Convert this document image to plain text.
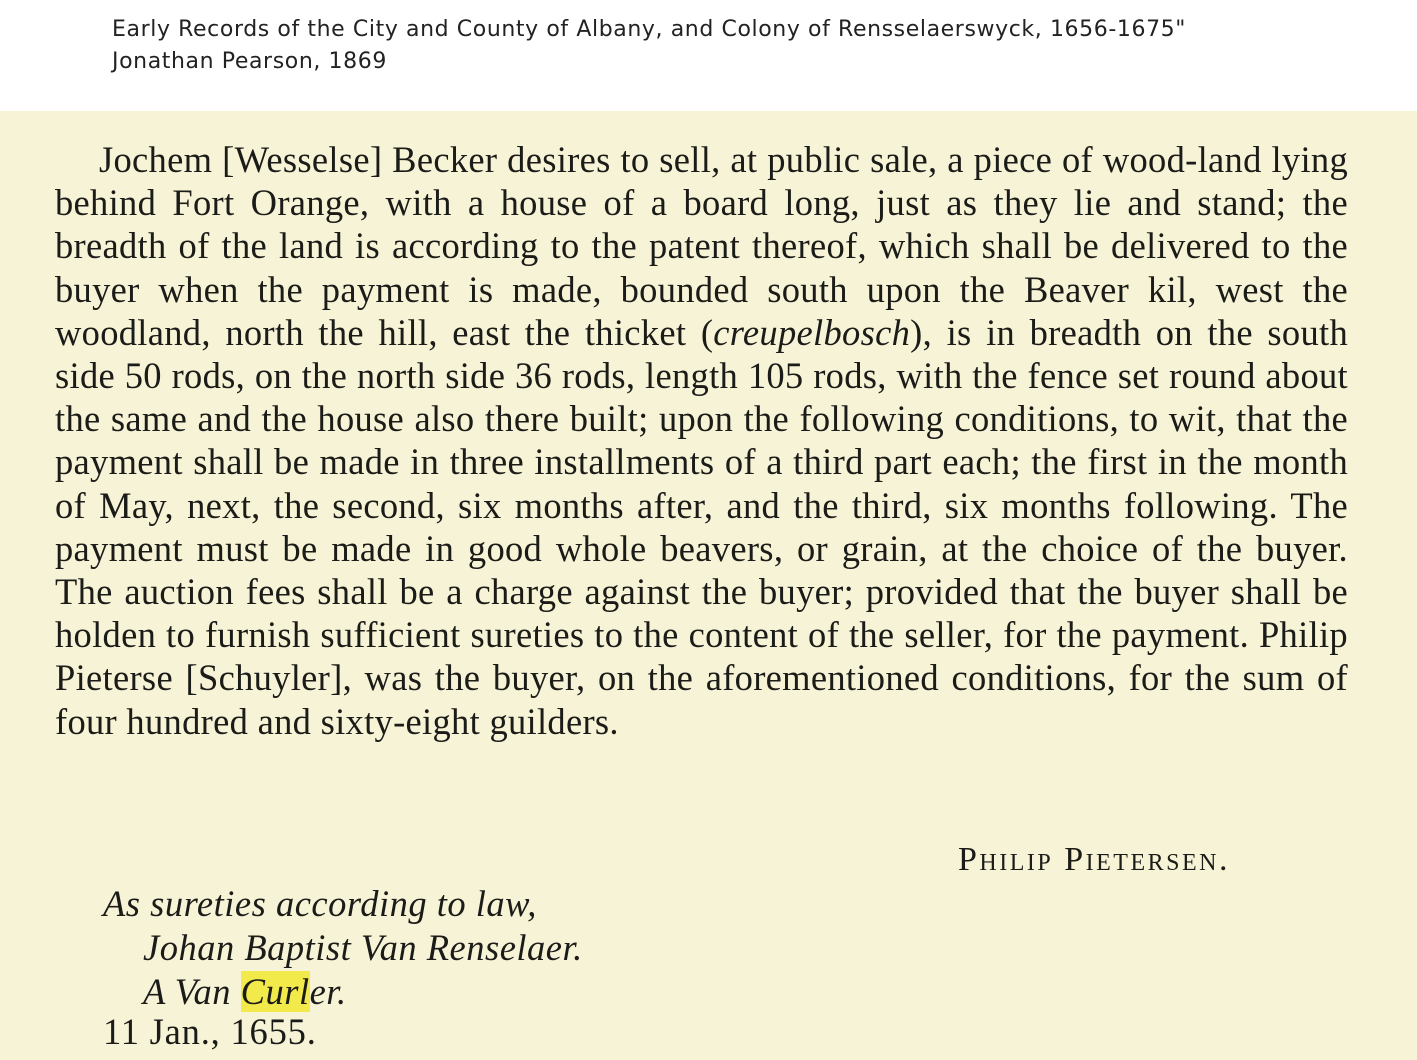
Early Records of the City and County of Albany, and Colony of Rensselaerswyck, 1656-1675"
Jonathan Pearson, 1869

Jochem [Wesselse] Becker desires to sell, at public sale, a piece of wood-land lying behind Fort Orange, with a house of a board long, just as they lie and stand; the breadth of the land is according to the patent thereof, which shall be delivered to the buyer when the payment is made, bounded south upon the Beaver kil, west the woodland, north the hill, east the thicket (creupelbosch), is in breadth on the south side 50 rods, on the north side 36 rods, length 105 rods, with the fence set round about the same and the house also there built; upon the following conditions, to wit, that the payment shall be made in three installments of a third part each; the first in the month of May, next, the second, six months after, and the third, six months following. The payment must be made in good whole beavers, or grain, at the choice of the buyer. The auction fees shall be a charge against the buyer; provided that the buyer shall be holden to furnish sufficient sureties to the content of the seller, for the payment. Philip Pieterse [Schuyler], was the buyer, on the aforementioned conditions, for the sum of four hundred and sixty-eight guilders.

Philip Pietersen.
As sureties according to law,
Johan Baptist Van Renselaer.
A Van Curler.
11 Jan., 1655.
